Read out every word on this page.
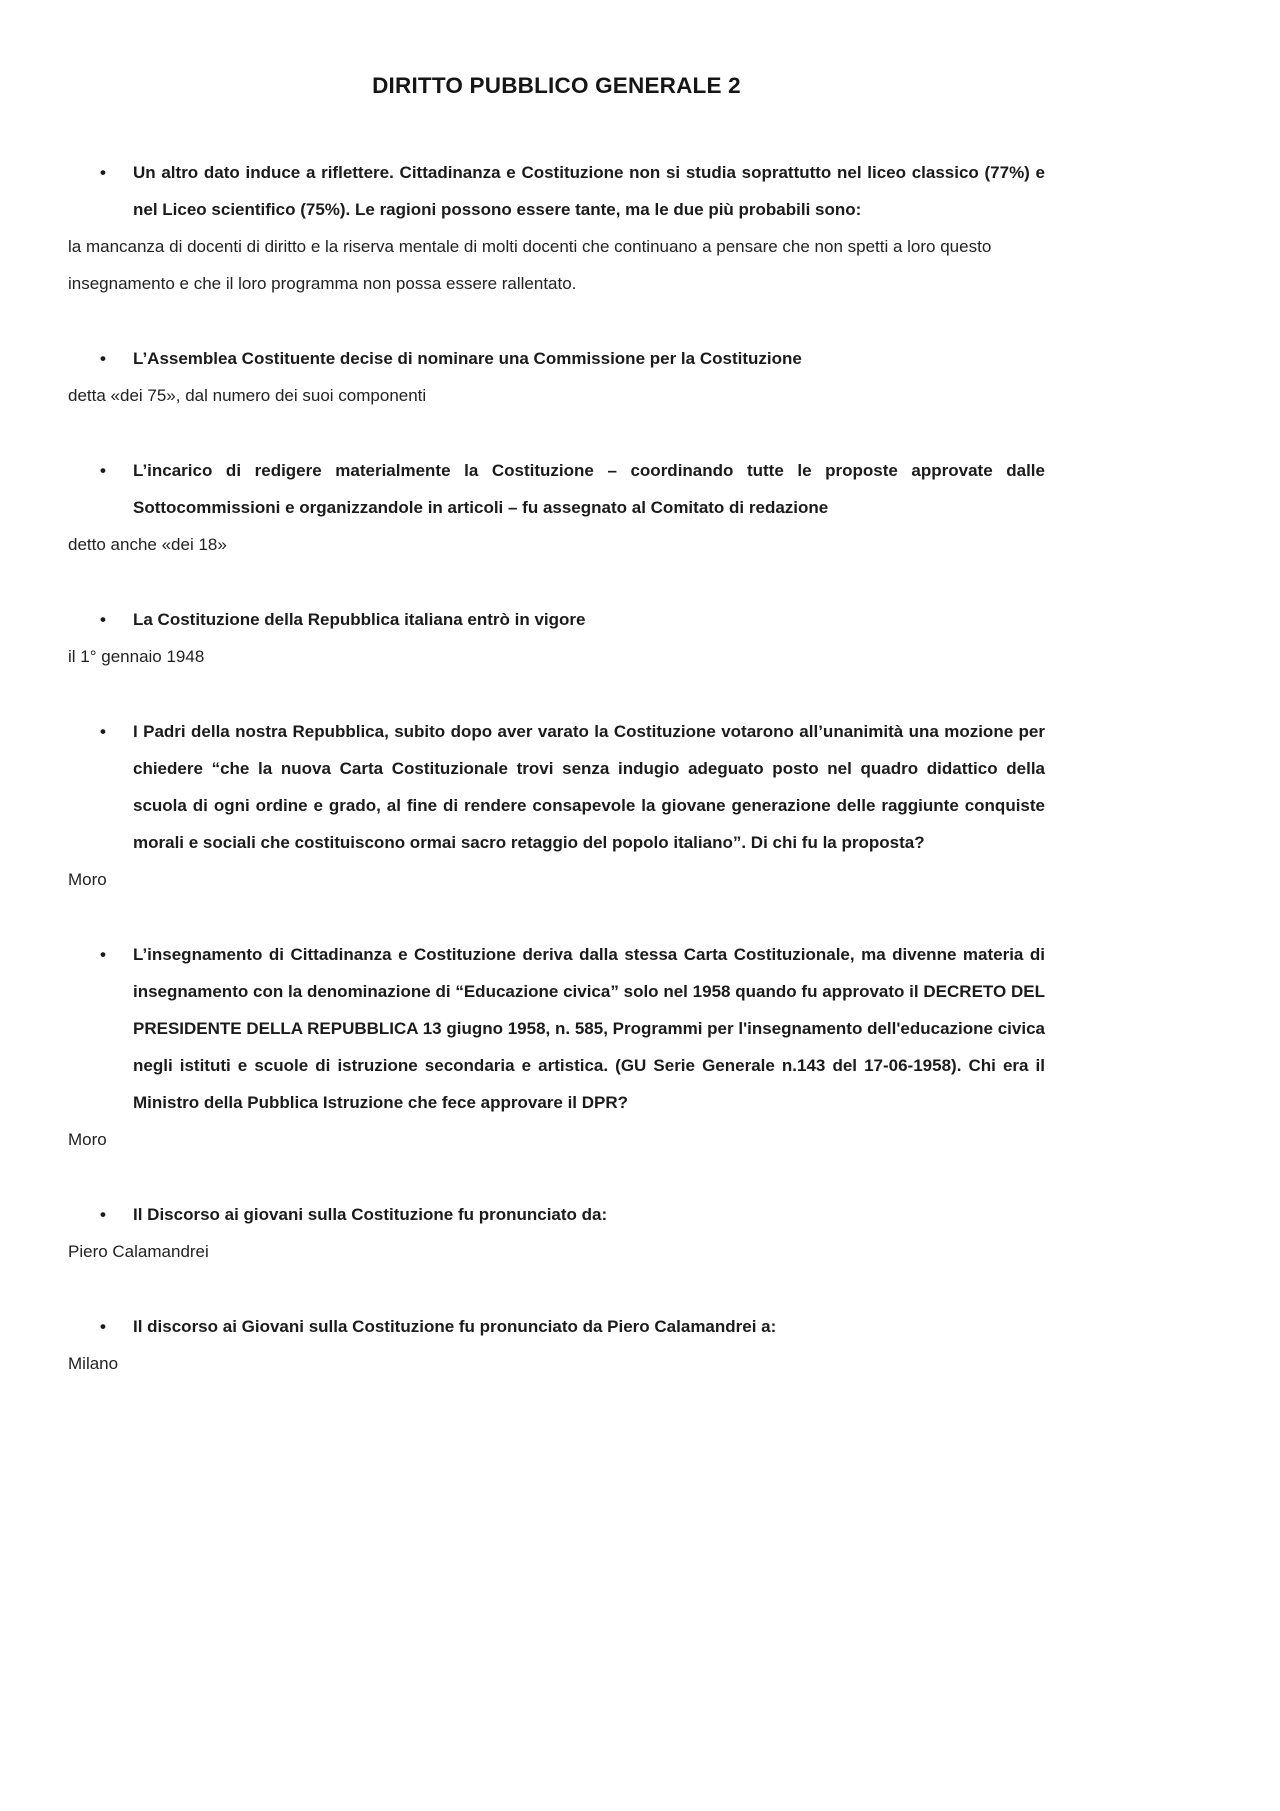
DIRITTO PUBBLICO GENERALE 2
• Un altro dato induce a riflettere. Cittadinanza e Costituzione non si studia soprattutto nel liceo classico (77%) e nel Liceo scientifico (75%). Le ragioni possono essere tante, ma le due più probabili sono:
la mancanza di docenti di diritto e la riserva mentale di molti docenti che continuano a pensare che non spetti a loro questo insegnamento e che il loro programma non possa essere rallentato.
• L’Assemblea Costituente decise di nominare una Commissione per la Costituzione
detta «dei 75», dal numero dei suoi componenti
• L’incarico di redigere materialmente la Costituzione – coordinando tutte le proposte approvate dalle Sottocommissioni e organizzandole in articoli – fu assegnato al Comitato di redazione
detto anche «dei 18»
• La Costituzione della Repubblica italiana entrò in vigore
il 1° gennaio 1948
• I Padri della nostra Repubblica, subito dopo aver varato la Costituzione votarono all’unanimità una mozione per chiedere “che la nuova Carta Costituzionale trovi senza indugio adeguato posto nel quadro didattico della scuola di ogni ordine e grado, al fine di rendere consapevole la giovane generazione delle raggiunte conquiste morali e sociali che costituiscono ormai sacro retaggio del popolo italiano”. Di chi fu la proposta?
Moro
• L’insegnamento di Cittadinanza e Costituzione deriva dalla stessa Carta Costituzionale, ma divenne materia di insegnamento con la denominazione di “Educazione civica” solo nel 1958 quando fu approvato il DECRETO DEL PRESIDENTE DELLA REPUBBLICA 13 giugno 1958, n. 585, Programmi per l'insegnamento dell'educazione civica negli istituti e scuole di istruzione secondaria e artistica. (GU Serie Generale n.143 del 17-06-1958). Chi era il Ministro della Pubblica Istruzione che fece approvare il DPR?
Moro
• Il Discorso ai giovani sulla Costituzione fu pronunciato da:
Piero Calamandrei
• Il discorso ai Giovani sulla Costituzione fu pronunciato da Piero Calamandrei a:
Milano
